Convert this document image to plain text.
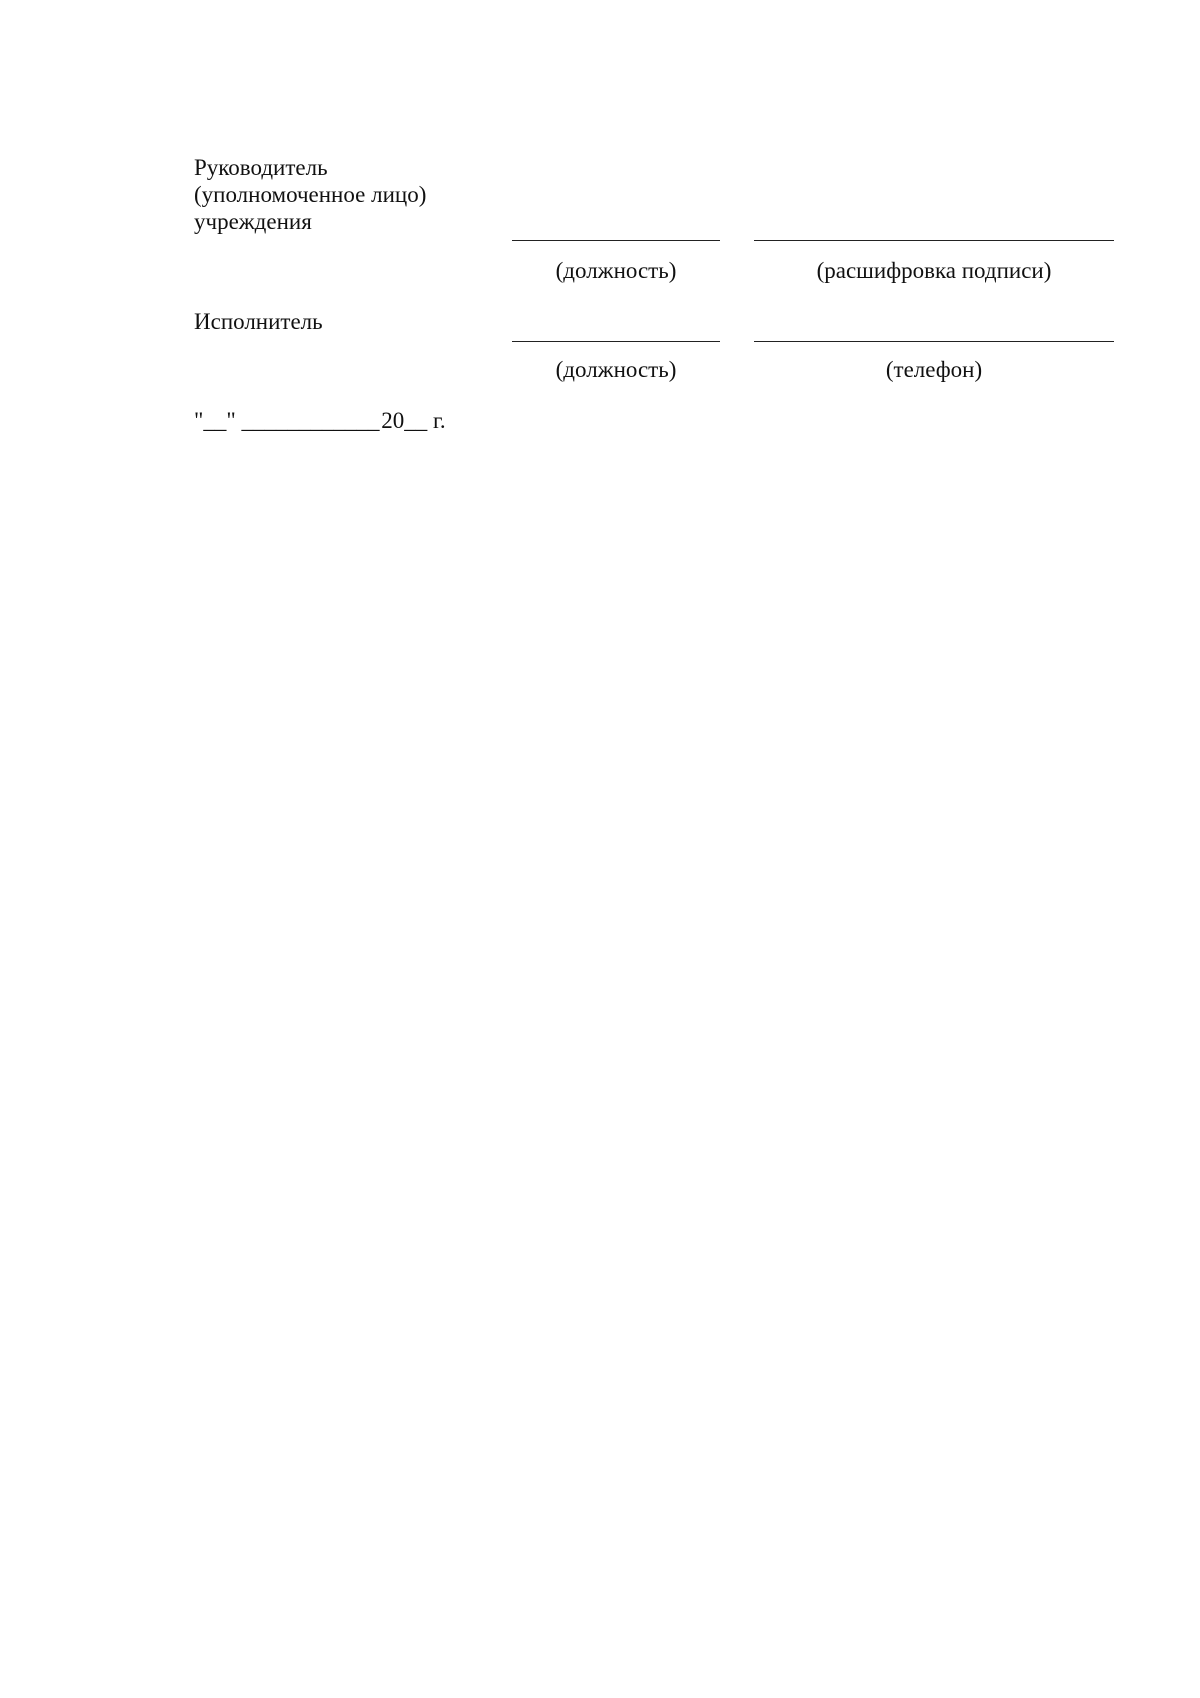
Руководитель
(уполномоченное лицо)
учреждения
(должность)	(расшифровка подписи)
Исполнитель
(должность)	(телефон)
"__" ____________ 20__ г.
